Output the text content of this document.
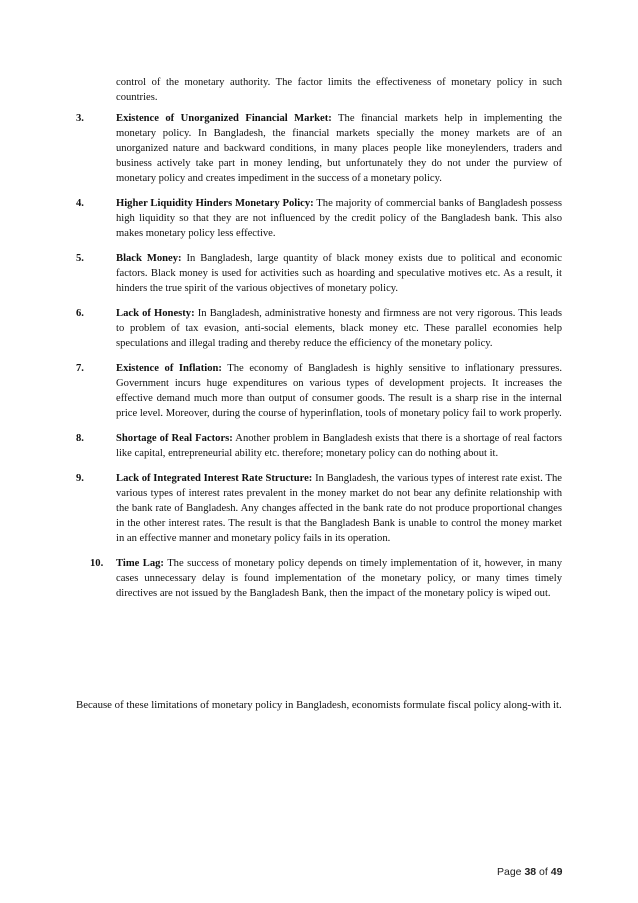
control of the monetary authority. The factor limits the effectiveness of monetary policy in such countries.
3.	Existence of Unorganized Financial Market: The financial markets help in implementing the monetary policy. In Bangladesh, the financial markets specially the money markets are of an unorganized nature and backward conditions, in many places people like moneylenders, traders and business actively take part in money lending, but unfortunately they do not under the purview of monetary policy and creates impediment in the success of a monetary policy.
4.	Higher Liquidity Hinders Monetary Policy: The majority of commercial banks of Bangladesh possess high liquidity so that they are not influenced by the credit policy of the Bangladesh bank. This also makes monetary policy less effective.
5.	Black Money: In Bangladesh, large quantity of black money exists due to political and economic factors. Black money is used for activities such as hoarding and speculative motives etc. As a result, it hinders the true spirit of the various objectives of monetary policy.
6.	Lack of Honesty: In Bangladesh, administrative honesty and firmness are not very rigorous. This leads to problem of tax evasion, anti-social elements, black money etc. These parallel economies help speculations and illegal trading and thereby reduce the efficiency of the monetary policy.
7.	Existence of Inflation: The economy of Bangladesh is highly sensitive to inflationary pressures. Government incurs huge expenditures on various types of development projects. It increases the effective demand much more than output of consumer goods. The result is a sharp rise in the internal price level. Moreover, during the course of hyperinflation, tools of monetary policy fail to work properly.
8.	Shortage of Real Factors: Another problem in Bangladesh exists that there is a shortage of real factors like capital, entrepreneurial ability etc. therefore; monetary policy can do nothing about it.
9.	Lack of Integrated Interest Rate Structure: In Bangladesh, the various types of interest rate exist. The various types of interest rates prevalent in the money market do not bear any definite relationship with the bank rate of Bangladesh. Any changes affected in the bank rate do not produce proportional changes in the other interest rates. The result is that the Bangladesh Bank is unable to control the money market in an effective manner and monetary policy fails in its operation.
10.	Time Lag: The success of monetary policy depends on timely implementation of it, however, in many cases unnecessary delay is found implementation of the monetary policy, or many times timely directives are not issued by the Bangladesh Bank, then the impact of the monetary policy is wiped out.
Because of these limitations of monetary policy in Bangladesh, economists formulate fiscal policy along-with it.
Page 38 of 49
